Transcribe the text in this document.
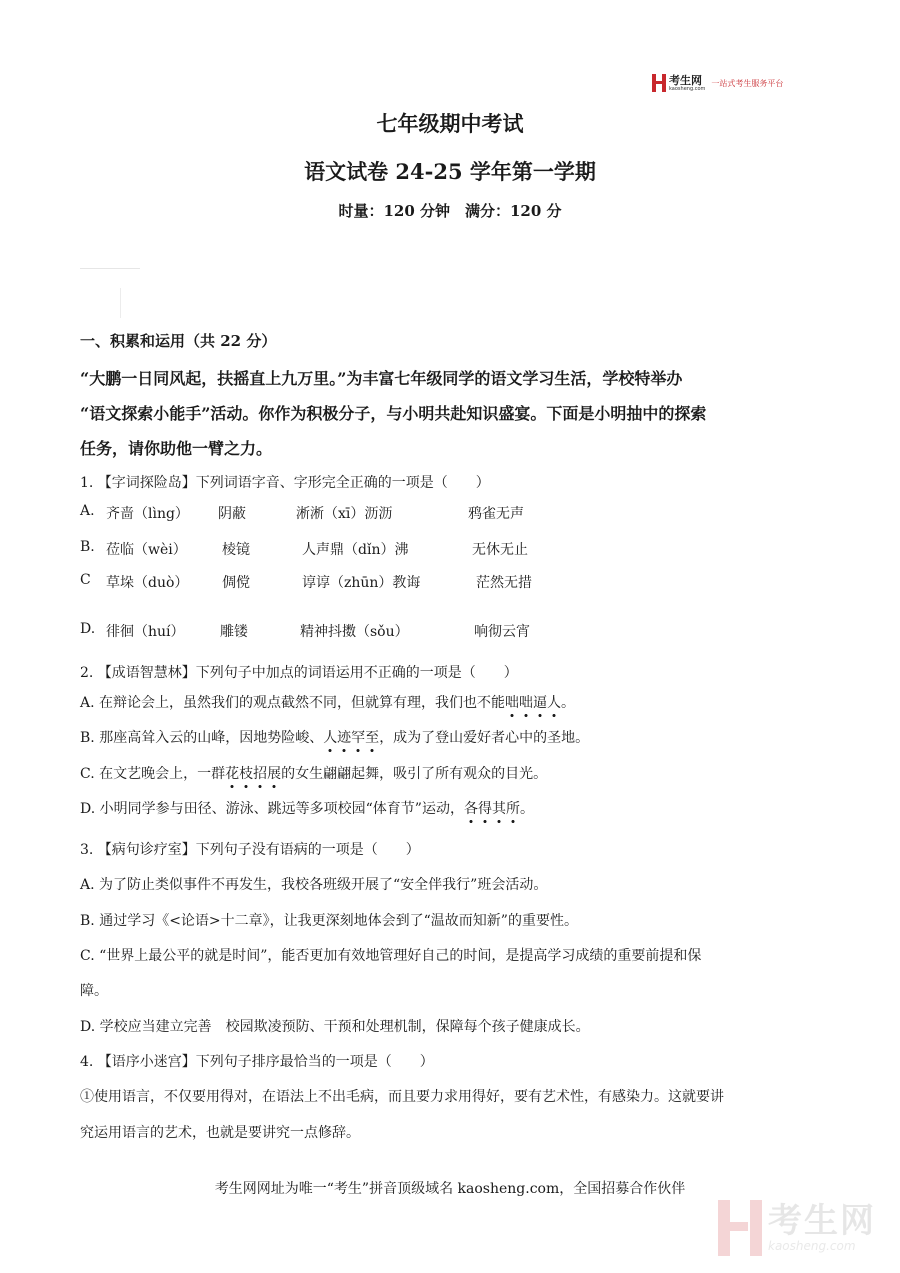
考生网
kaosheng.com
一站式考生服务平台
七年级期中考试
语文试卷 24-25 学年第一学期
时量：120 分钟　满分：120 分
一、积累和运用（共 22 分）
“大鹏一日同风起，扶摇直上九万里。”为丰富七年级同学的语文学习生活，学校特举办
“语文探索小能手”活动。你作为积极分子，与小明共赴知识盛宴。下面是小明抽中的探索
任务，请你助他一臂之力。
1. 【字词探险岛】下列词语字音、字形完全正确的一项是（　　）
A. 齐啬（lìng） 阴蔽	淅淅（xī）沥沥	鸦雀无声
B. 莅临（wèi）	棱镜	人声鼎（dǐn）沸	无休无止
C 草垛（duò） 倜傥	谆谆（zhūn）教诲	茫然无措
D. 徘徊（huí）	雕镂	精神抖擞（sǒu）	响彻云宵
2. 【成语智慧林】下列句子中加点的词语运用不正确的一项是（　　）
A. 在辩论会上，虽然我们的观点截然不同，但就算有理，我们也不能咄咄逼人。
B. 那座高耸入云的山峰，因地势险峻、人迹罕至，成为了登山爱好者心中的圣地。
C. 在文艺晚会上，一群花枝招展的女生翩翩起舞，吸引了所有观众的目光。
D. 小明同学参与田径、游泳、跳远等多项校园“体育节”运动，各得其所。
3. 【病句诊疗室】下列句子没有语病的一项是（　　）
A. 为了防止类似事件不再发生，我校各班级开展了“安全伴我行”班会活动。
B. 通过学习《<论语>十二章》，让我更深刻地体会到了“温故而知新”的重要性。
C. “世界上最公平的就是时间”，能否更加有效地管理好自己的时间，是提高学习成绩的重要前提和保
障。
D. 学校应当建立完善　校园欺凌预防、干预和处理机制，保障每个孩子健康成长。
4. 【语序小迷宫】下列句子排序最恰当的一项是（　　）
①使用语言，不仅要用得对，在语法上不出毛病，而且要力求用得好，要有艺术性，有感染力。这就要讲
究运用语言的艺术，也就是要讲究一点修辞。
考生网网址为唯一“考生”拼音顶级域名 kaosheng.com，全国招募合作伙伴
考生网
kaosheng.com
